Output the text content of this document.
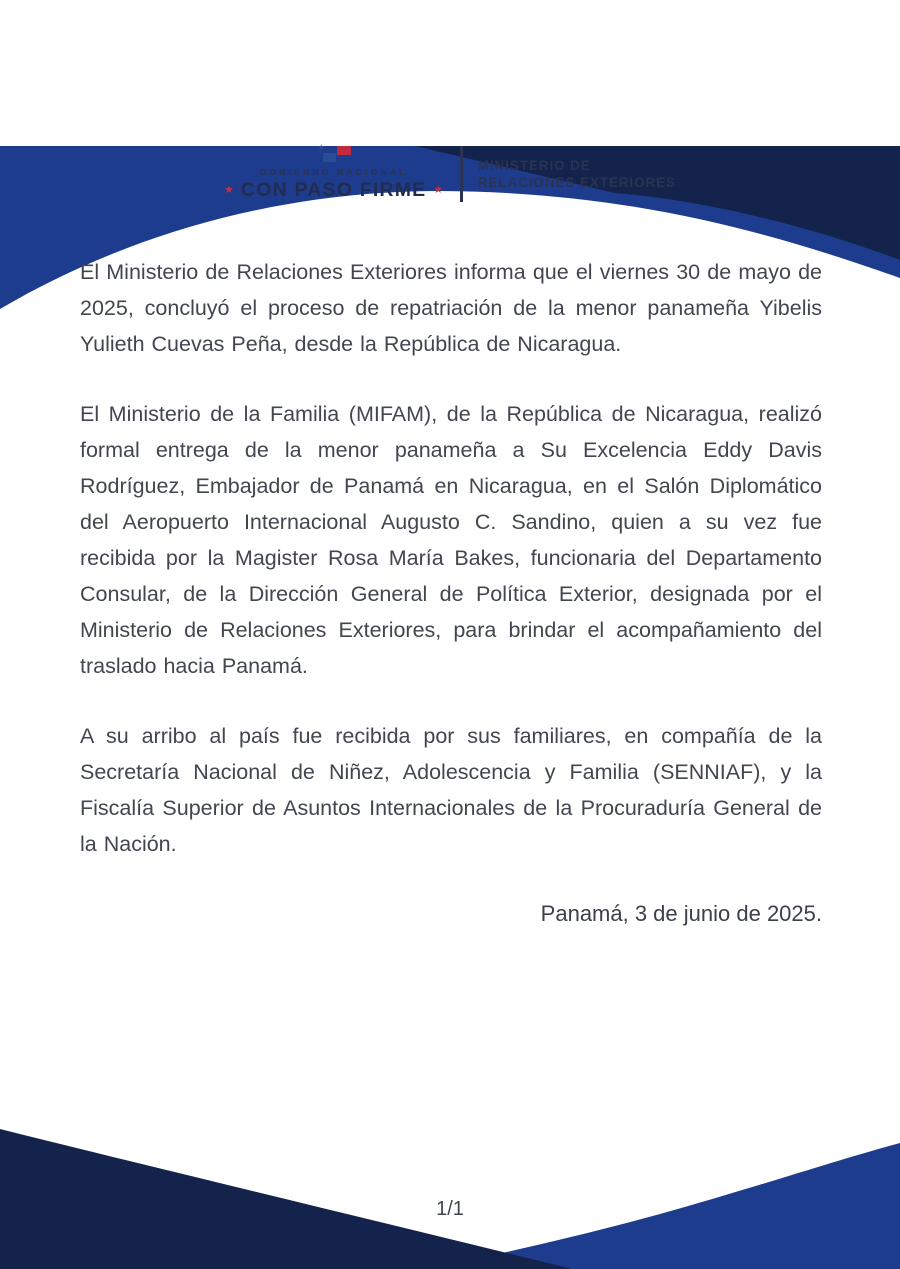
★
GOBIERNO NACIONAL
★ CON PASO FIRME ★
MINISTERIO DE
RELACIONES EXTERIORES

El Ministerio de Relaciones Exteriores informa que el viernes 30 de mayo de 2025, concluyó el proceso de repatriación de la menor panameña Yibelis Yulieth Cuevas Peña, desde la República de Nicaragua.

El Ministerio de la Familia (MIFAM), de la República de Nicaragua, realizó formal entrega de la menor panameña a Su Excelencia Eddy Davis Rodríguez, Embajador de Panamá en Nicaragua, en el Salón Diplomático del Aeropuerto Internacional Augusto C. Sandino, quien a su vez fue recibida por la Magister Rosa María Bakes, funcionaria del Departamento Consular, de la Dirección General de Política Exterior, designada por el Ministerio de Relaciones Exteriores, para brindar el acompañamiento del traslado hacia Panamá.

A su arribo al país fue recibida por sus familiares, en compañía de la Secretaría Nacional de Niñez, Adolescencia y Familia (SENNIAF), y la Fiscalía Superior de Asuntos Internacionales de la Procuraduría General de la Nación.

Panamá, 3 de junio de 2025.
1/1
